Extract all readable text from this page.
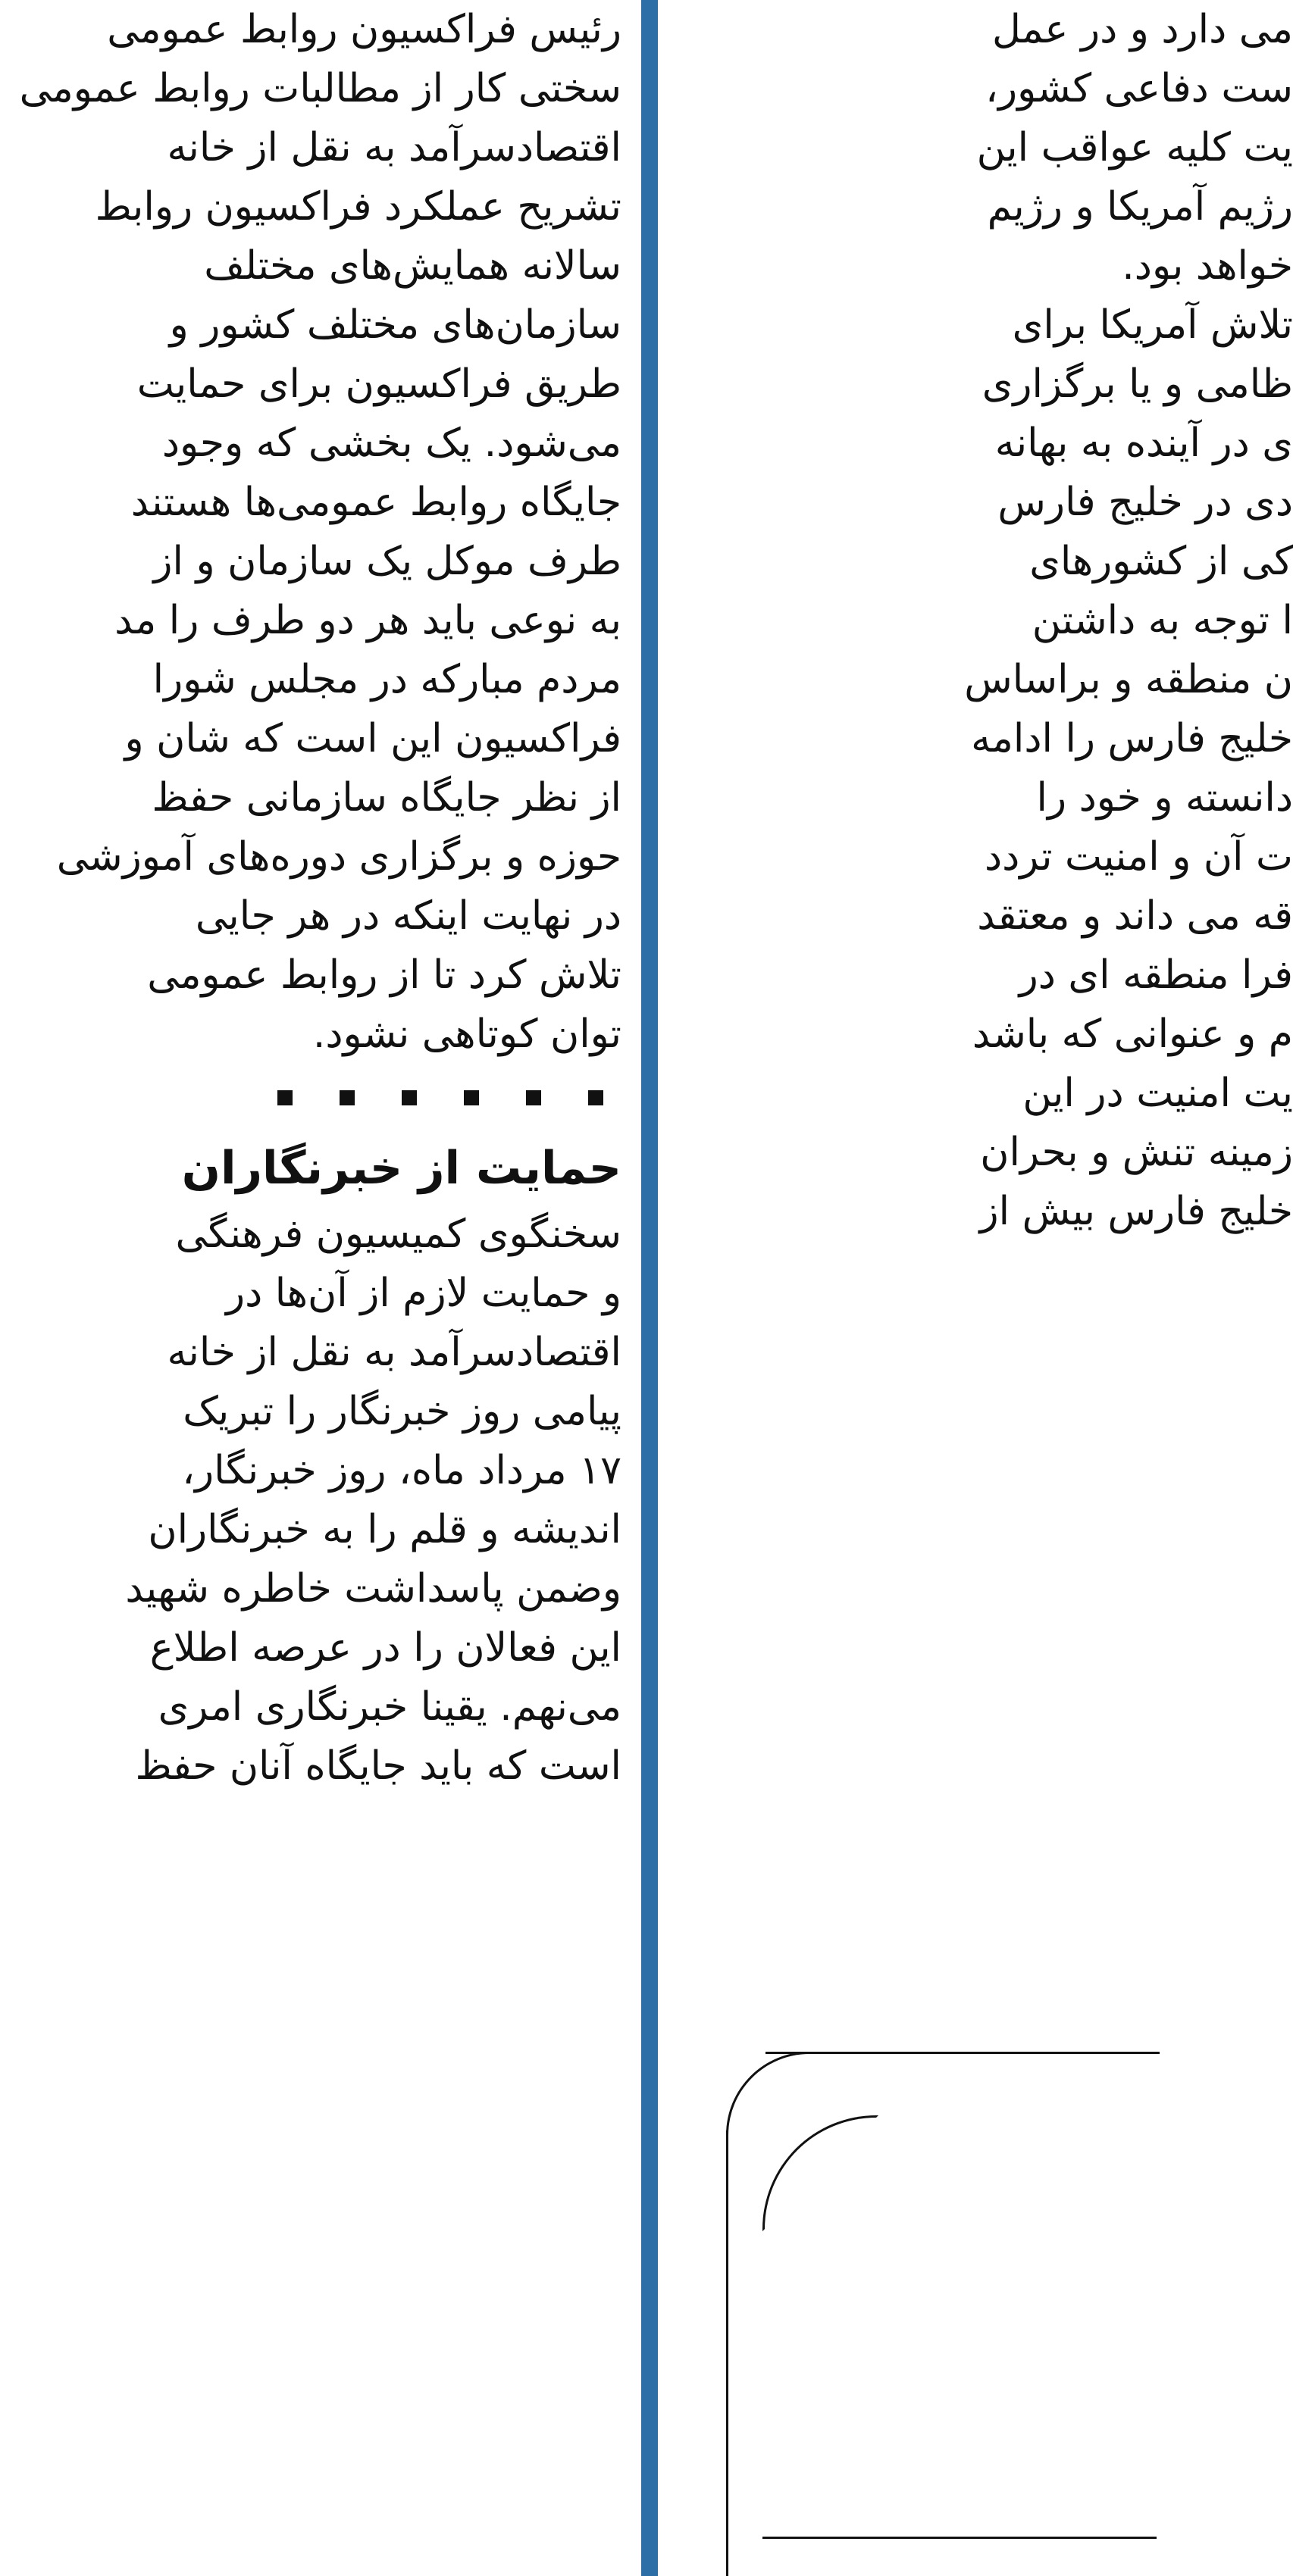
رئیس فراکسیون روابط عمومی
سختی کار از مطالبات روابط عمومی
اقتصادسرآمد به نقل از خانه
تشریح عملکرد فراکسیون روابط
سالانه همایش‌های مختلف
سازمان‌های مختلف کشور و
طریق فراکسیون برای حمایت
می‌شود. یک بخشی که وجود
جایگاه روابط عمومی‌ها هستند
طرف موکل یک سازمان و از
به نوعی باید هر دو طرف را مد
مردم مبارکه در مجلس شورا
فراکسیون این است که شان و
از نظر جایگاه سازمانی حفظ
حوزه و برگزاری دوره‌های آموزشی
در نهایت اینکه در هر جایی
تلاش کرد تا از روابط عمومی
توان کوتاهی نشود.
حمایت از خبرنگاران
سخنگوی کمیسیون فرهنگی
و حمایت لازم از آن‌ها در
اقتصادسرآمد به نقل از خانه
پیامی روز خبرنگار را تبریک
۱۷ مرداد ماه، روز خبرنگار،
اندیشه و قلم را به خبرنگاران
وضمن پاسداشت خاطره شهید
این فعالان را در عرصه اطلاع
می‌نهم. یقینا خبرنگاری امری
است که باید جایگاه آنان حفظ
می دارد و در عمل
ست دفاعی کشور،
یت کلیه عواقب این
رژیم آمریکا و رژیم
خواهد بود.
تلاش آمریکا برای
ظامی و یا برگزاری
ی در آینده به بهانه
دی در خلیج فارس
کی از کشورهای
ا توجه به داشتن
ن منطقه و براساس
خلیج فارس را ادامه
دانسته و خود را
ت آن و امنیت تردد
قه می داند و معتقد
فرا منطقه ای در
م و عنوانی که باشد
یت امنیت در این
زمینه تنش و بحران
خلیج فارس بیش از
